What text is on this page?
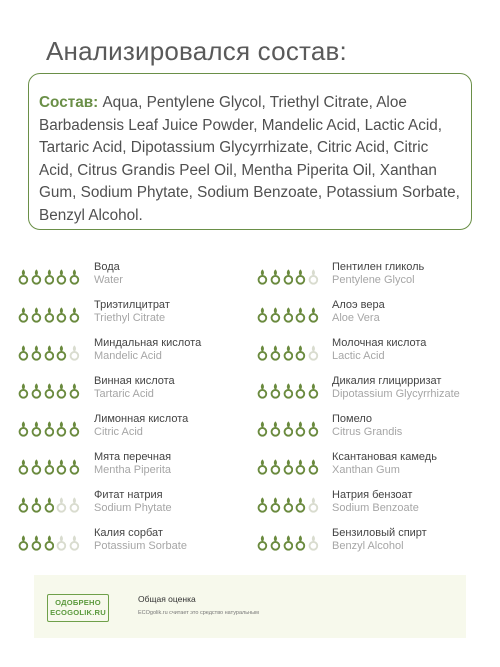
Анализировался состав:
Состав: Aqua, Pentylene Glycol, Triethyl Citrate, Aloe Barbadensis Leaf Juice Powder, Mandelic Acid, Lactic Acid, Tartaric Acid, Dipotassium Glycyrrhizate, Citric Acid, Citric Acid, Citrus Grandis Peel Oil, Mentha Piperita Oil, Xanthan Gum, Sodium Phytate, Sodium Benzoate, Potassium Sorbate, Benzyl Alcohol.
Вода
Water
Пентилен гликоль
Pentylene Glycol
Триэтилцитрат
Triethyl Citrate
Алоэ вера
Aloe Vera
Миндальная кислота
Mandelic Acid
Молочная кислота
Lactic Acid
Винная кислота
Tartaric Acid
Дикалия глицирризат
Dipotassium Glycyrrhizate
Лимонная кислота
Citric Acid
Помело
Citrus Grandis
Мята перечная
Mentha Piperita
Ксантановая камедь
Xanthan Gum
Фитат натрия
Sodium Phytate
Натрия бензоат
Sodium Benzoate
Калия сорбат
Potassium Sorbate
Бензиловый спирт
Benzyl Alcohol
ОДОБРЕНО
ECOGOLIK.RU
Общая оценка
ECOgolik.ru считает это средство натуральным
